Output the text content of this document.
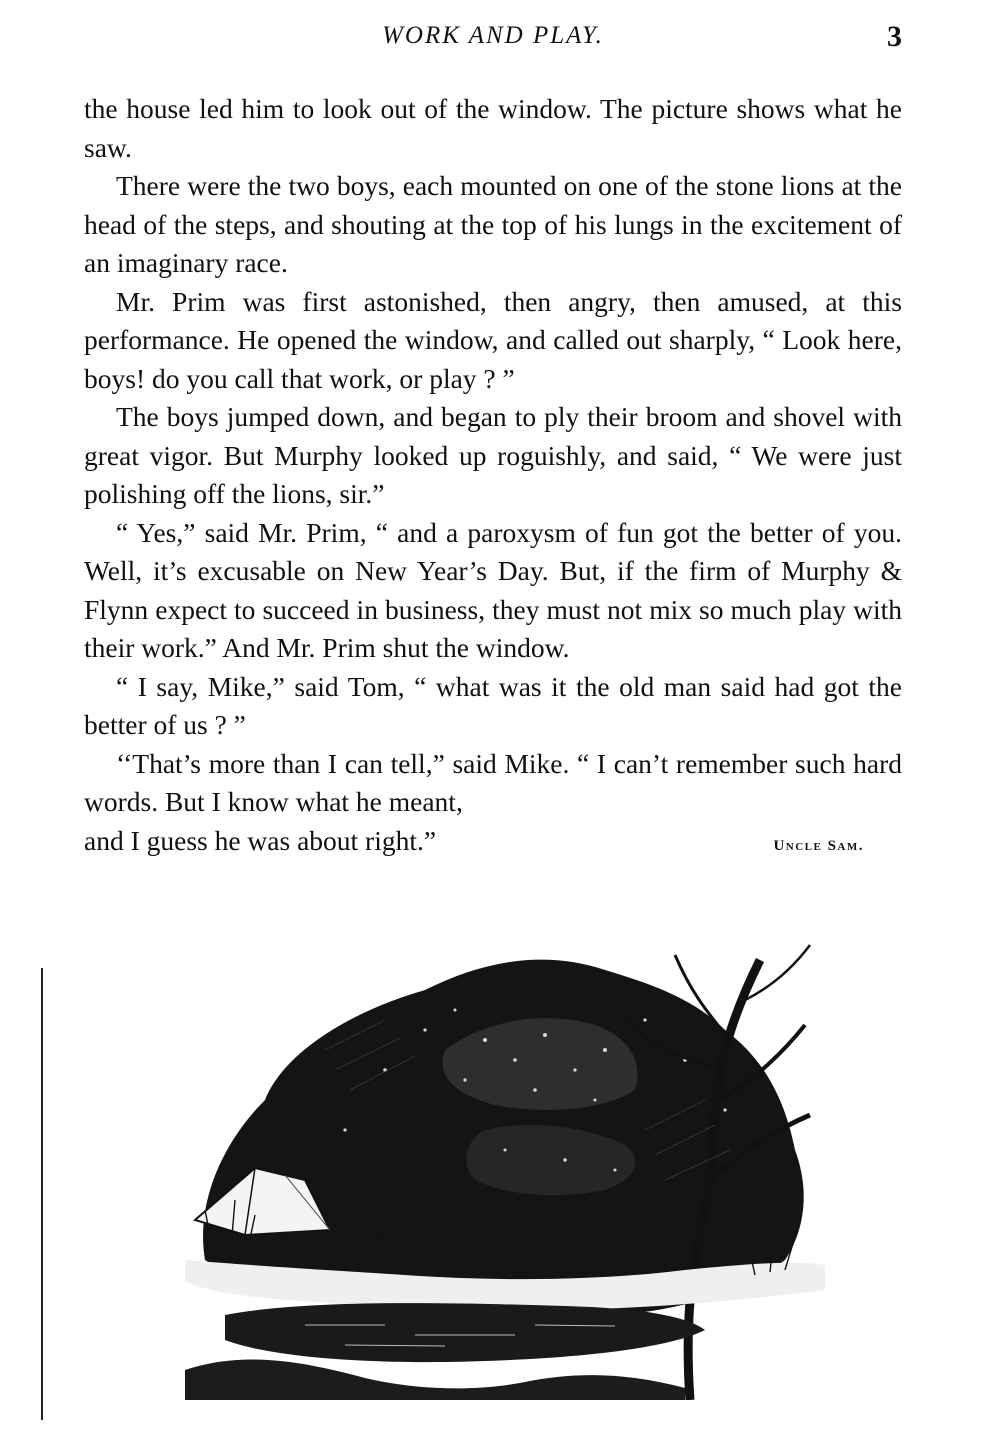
WORK AND PLAY.	3

the house led him to look out of the window. The picture shows what he saw.

There were the two boys, each mounted on one of the stone lions at the head of the steps, and shouting at the top of his lungs in the excitement of an imaginary race.

Mr. Prim was first astonished, then angry, then amused, at this performance. He opened the window, and called out sharply, “ Look here, boys! do you call that work, or play ? ”

The boys jumped down, and began to ply their broom and shovel with great vigor. But Murphy looked up roguishly, and said, “ We were just polishing off the lions, sir.”

“ Yes,” said Mr. Prim, “ and a paroxysm of fun got the better of you. Well, it’s excusable on New Year’s Day. But, if the firm of Murphy & Flynn expect to succeed in business, they must not mix so much play with their work.” And Mr. Prim shut the window.

“ I say, Mike,” said Tom, “ what was it the old man said had got the better of us ? ”

‘‘That’s more than I can tell,” said Mike. “ I can’t remember such hard words. But I know what he meant,

and I guess he was about right.”	Uncle Sam.
